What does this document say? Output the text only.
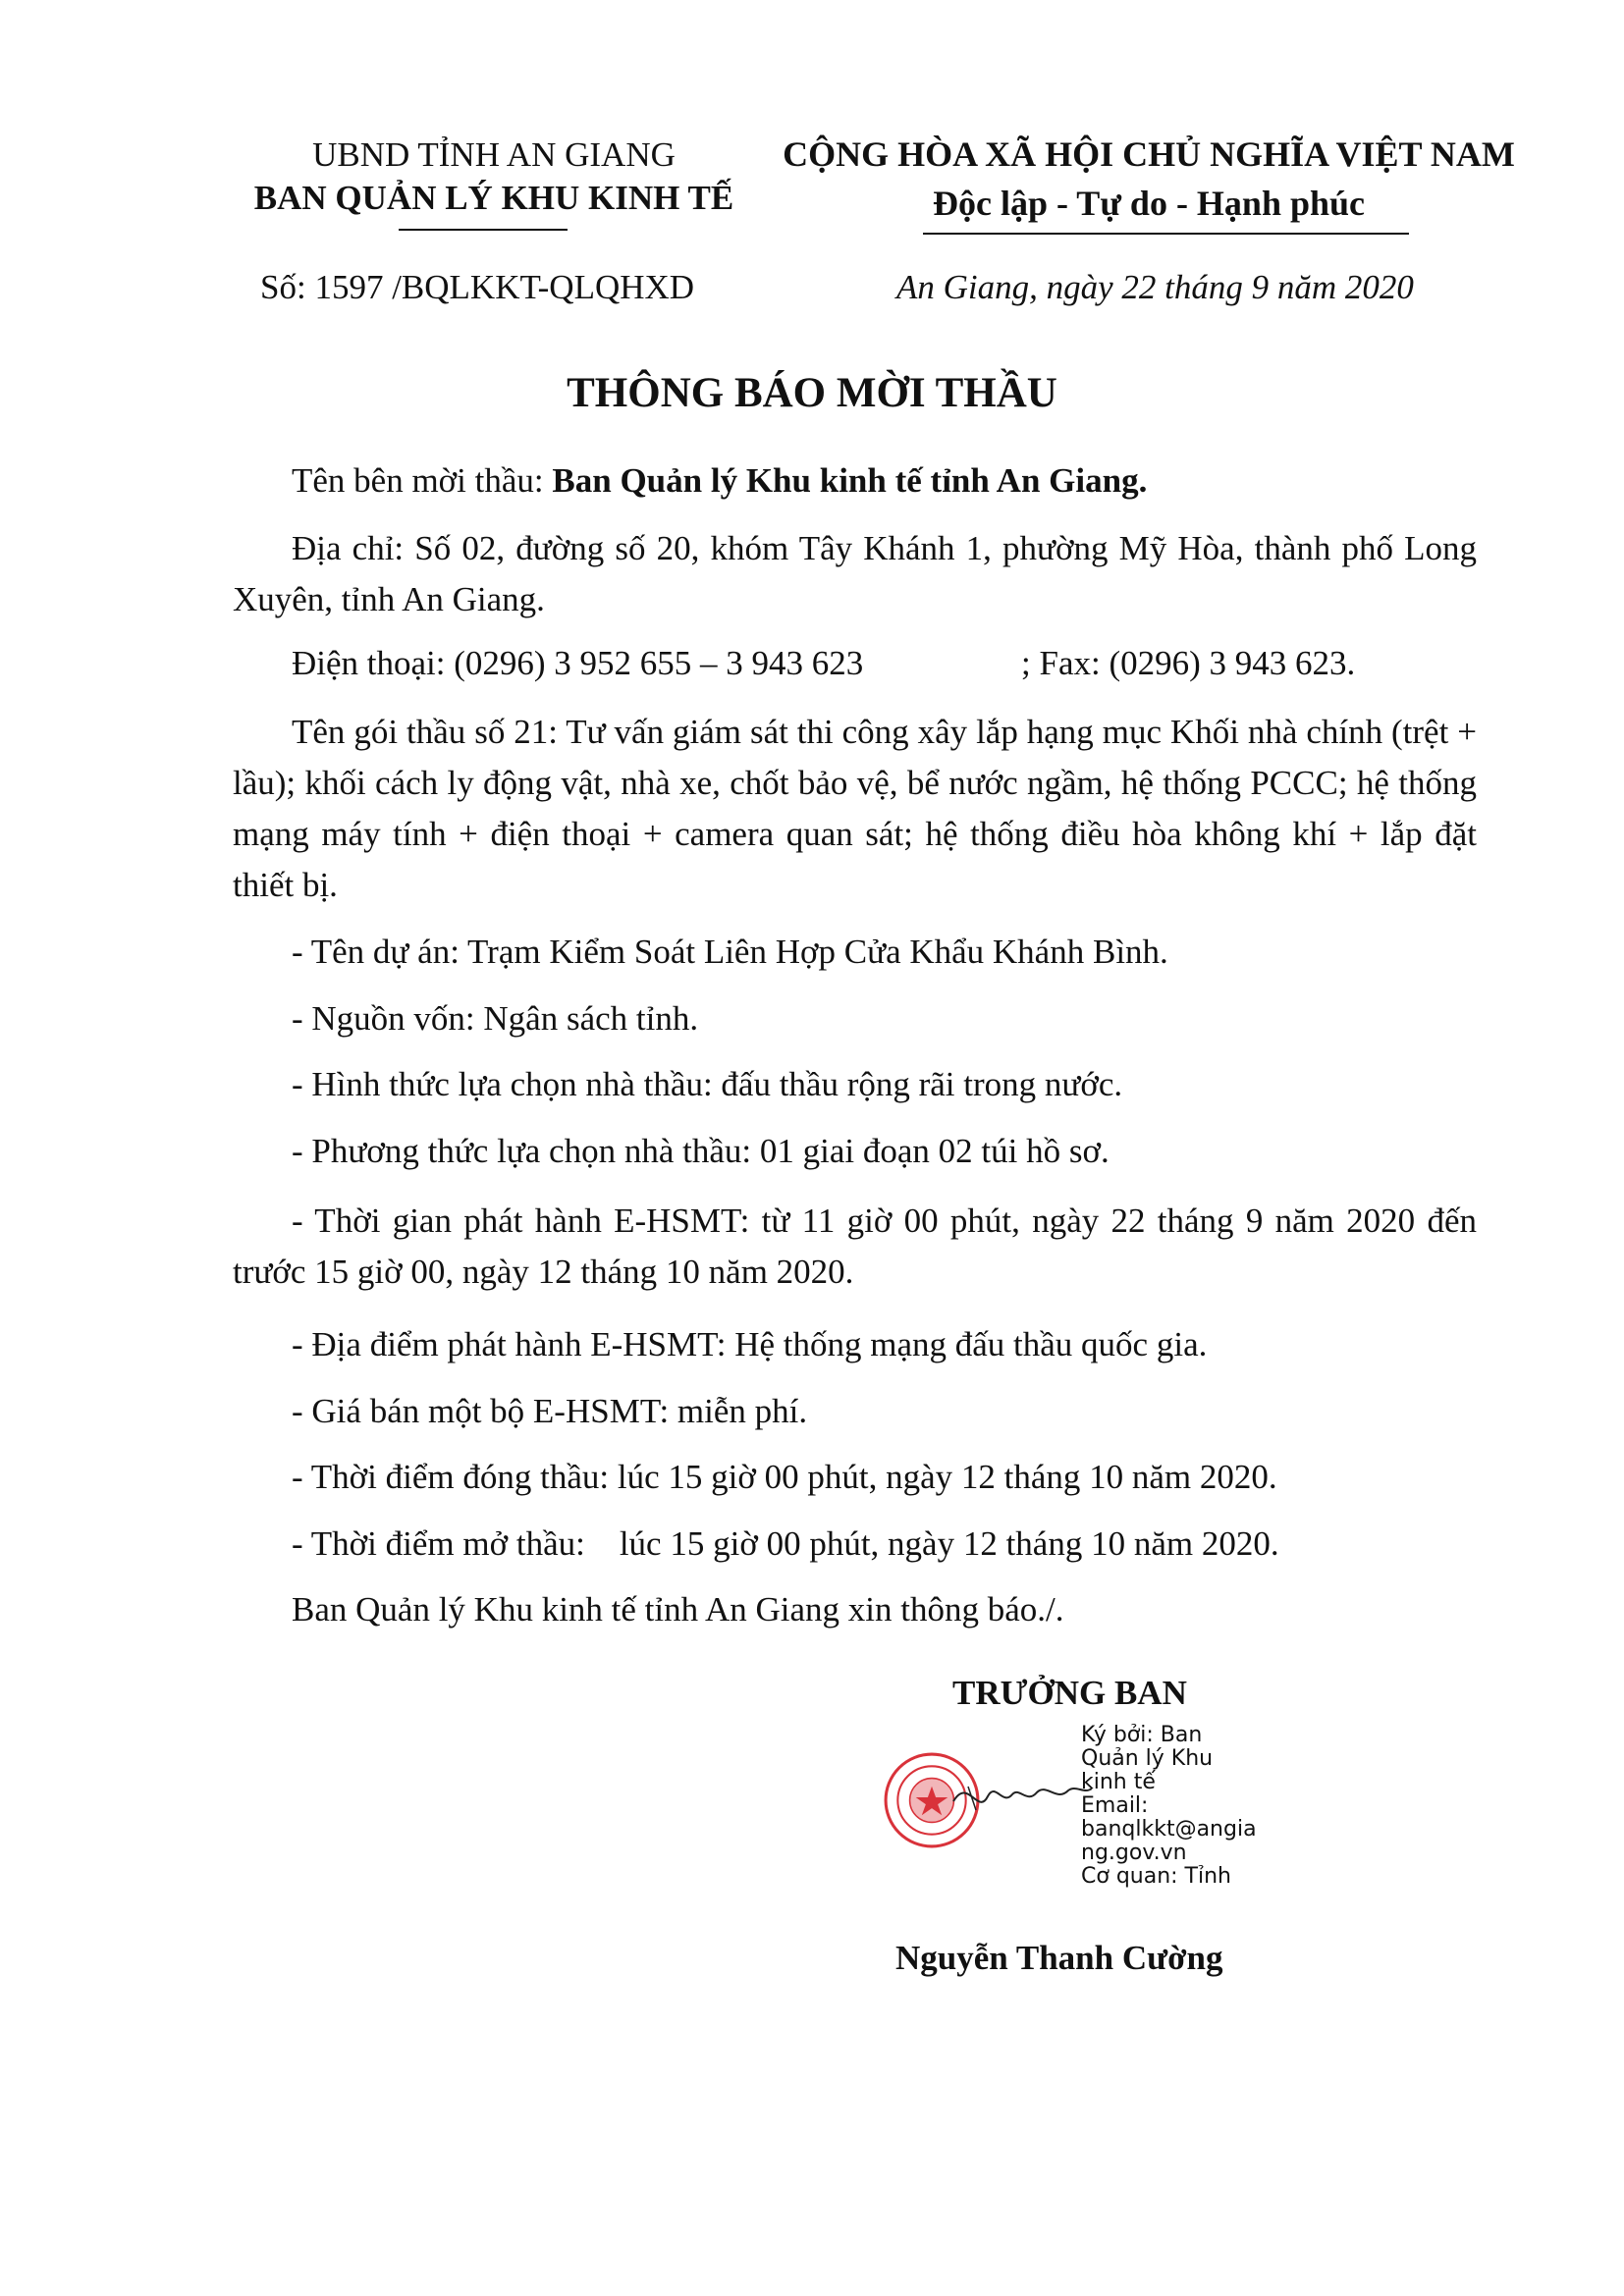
UBND TỈNH AN GIANG
BAN QUẢN LÝ KHU KINH TẾ
CỘNG HÒA XÃ HỘI CHỦ NGHĨA VIỆT NAM
Độc lập - Tự do - Hạnh phúc
Số: 1597 /BQLKKT-QLQHXD	An Giang, ngày 22 tháng 9 năm 2020
THÔNG BÁO MỜI THẦU
Tên bên mời thầu: Ban Quản lý Khu kinh tế tỉnh An Giang.
Địa chỉ: Số 02, đường số 20, khóm Tây Khánh 1, phường Mỹ Hòa, thành phố Long Xuyên, tỉnh An Giang.
Điện thoại: (0296) 3 952 655 – 3 943 623	; Fax: (0296) 3 943 623.
Tên gói thầu số 21: Tư vấn giám sát thi công xây lắp hạng mục Khối nhà chính (trệt + lầu); khối cách ly động vật, nhà xe, chốt bảo vệ, bể nước ngầm, hệ thống PCCC; hệ thống mạng máy tính + điện thoại + camera quan sát; hệ thống điều hòa không khí + lắp đặt thiết bị.
- Tên dự án: Trạm Kiểm Soát Liên Hợp Cửa Khẩu Khánh Bình.
- Nguồn vốn: Ngân sách tỉnh.
- Hình thức lựa chọn nhà thầu: đấu thầu rộng rãi trong nước.
- Phương thức lựa chọn nhà thầu: 01 giai đoạn 02 túi hồ sơ.
- Thời gian phát hành E-HSMT: từ 11 giờ 00 phút, ngày 22 tháng 9 năm 2020 đến trước 15 giờ 00, ngày 12 tháng 10 năm 2020.
- Địa điểm phát hành E-HSMT: Hệ thống mạng đấu thầu quốc gia.
- Giá bán một bộ E-HSMT: miễn phí.
- Thời điểm đóng thầu: lúc 15 giờ 00 phút, ngày 12 tháng 10 năm 2020.
- Thời điểm mở thầu:    lúc 15 giờ 00 phút, ngày 12 tháng 10 năm 2020.
Ban Quản lý Khu kinh tế tỉnh An Giang xin thông báo./.
TRƯỞNG BAN
Ký bởi: Ban
Quản lý Khu
kinh tế
Email:
banqlkkt@angia
ng.gov.vn
Cơ quan: Tỉnh
Nguyễn Thanh Cường
